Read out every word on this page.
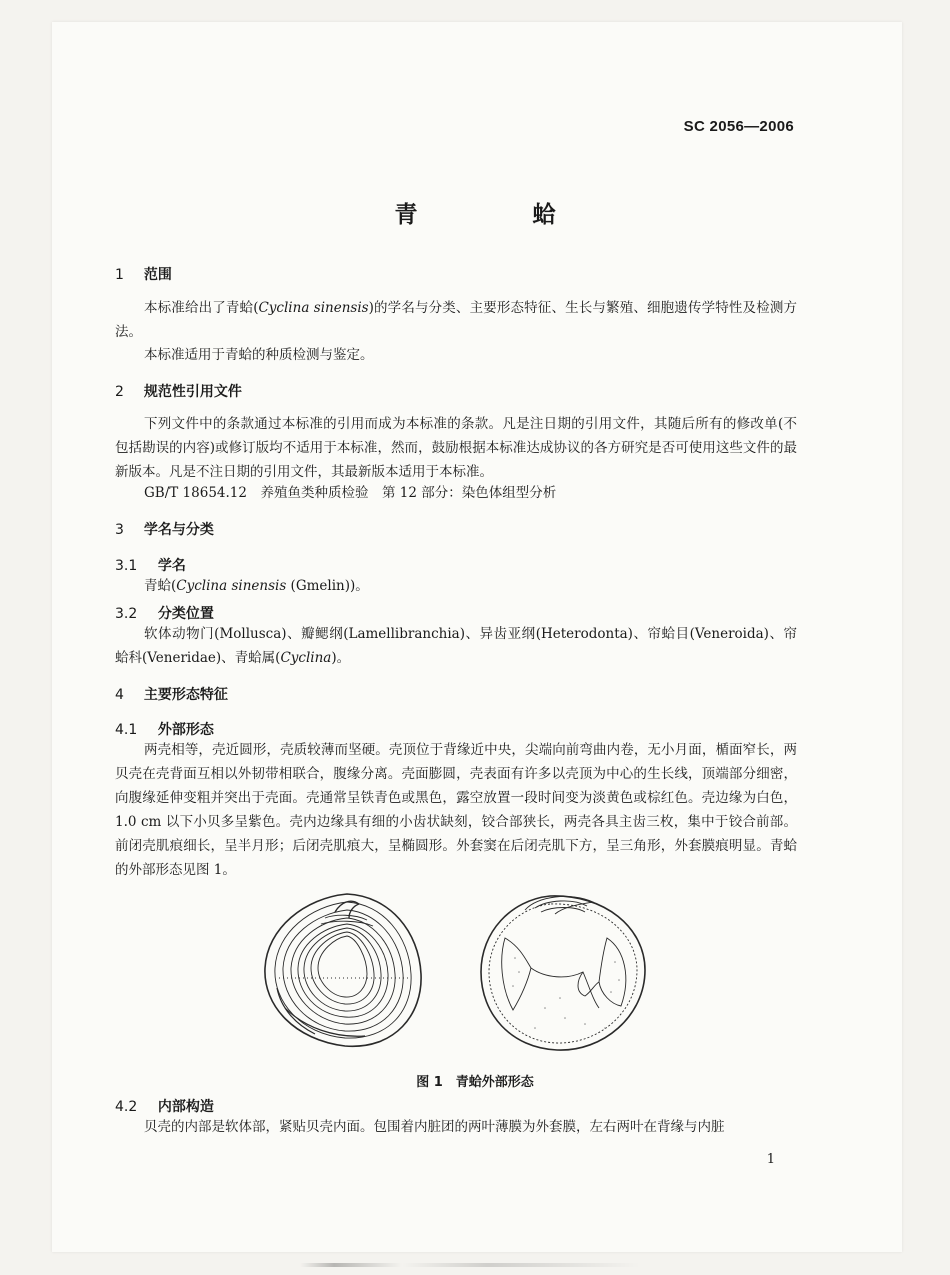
SC 2056—2006
青　蛤
1 范围

本标准给出了青蛤(Cyclina sinensis)的学名与分类、主要形态特征、生长与繁殖、细胞遗传学特性及检测方法。

本标准适用于青蛤的种质检测与鉴定。

2 规范性引用文件

下列文件中的条款通过本标准的引用而成为本标准的条款。凡是注日期的引用文件，其随后所有的修改单(不包括勘误的内容)或修订版均不适用于本标准，然而，鼓励根据本标准达成协议的各方研究是否可使用这些文件的最新版本。凡是不注日期的引用文件，其最新版本适用于本标准。

GB/T 18654.12　养殖鱼类种质检验　第 12 部分：染色体组型分析

3 学名与分类
3.1 学名

青蛤(Cyclina sinensis (Gmelin))。

3.2 分类位置

软体动物门(Mollusca)、瓣鳃纲(Lamellibranchia)、异齿亚纲(Heterodonta)、帘蛤目(Veneroida)、帘蛤科(Veneridae)、青蛤属(Cyclina)。

4 主要形态特征
4.1 外部形态

两壳相等，壳近圆形，壳质较薄而坚硬。壳顶位于背缘近中央，尖端向前弯曲内卷，无小月面，楯面窄长，两贝壳在壳背面互相以外韧带相联合，腹缘分离。壳面膨圆，壳表面有许多以壳顶为中心的生长线，顶端部分细密，向腹缘延伸变粗并突出于壳面。壳通常呈铁青色或黑色，露空放置一段时间变为淡黄色或棕红色。壳边缘为白色，1.0 cm 以下小贝多呈紫色。壳内边缘具有细的小齿状缺刻，铰合部狭长，两壳各具主齿三枚，集中于铰合前部。前闭壳肌痕细长，呈半月形；后闭壳肌痕大，呈椭圆形。外套窦在后闭壳肌下方，呈三角形，外套膜痕明显。青蛤的外部形态见图 1。

图 1　青蛤外部形态
4.2 内部构造

贝壳的内部是软体部，紧贴贝壳内面。包围着内脏团的两叶薄膜为外套膜，左右两叶在背缘与内脏

1
